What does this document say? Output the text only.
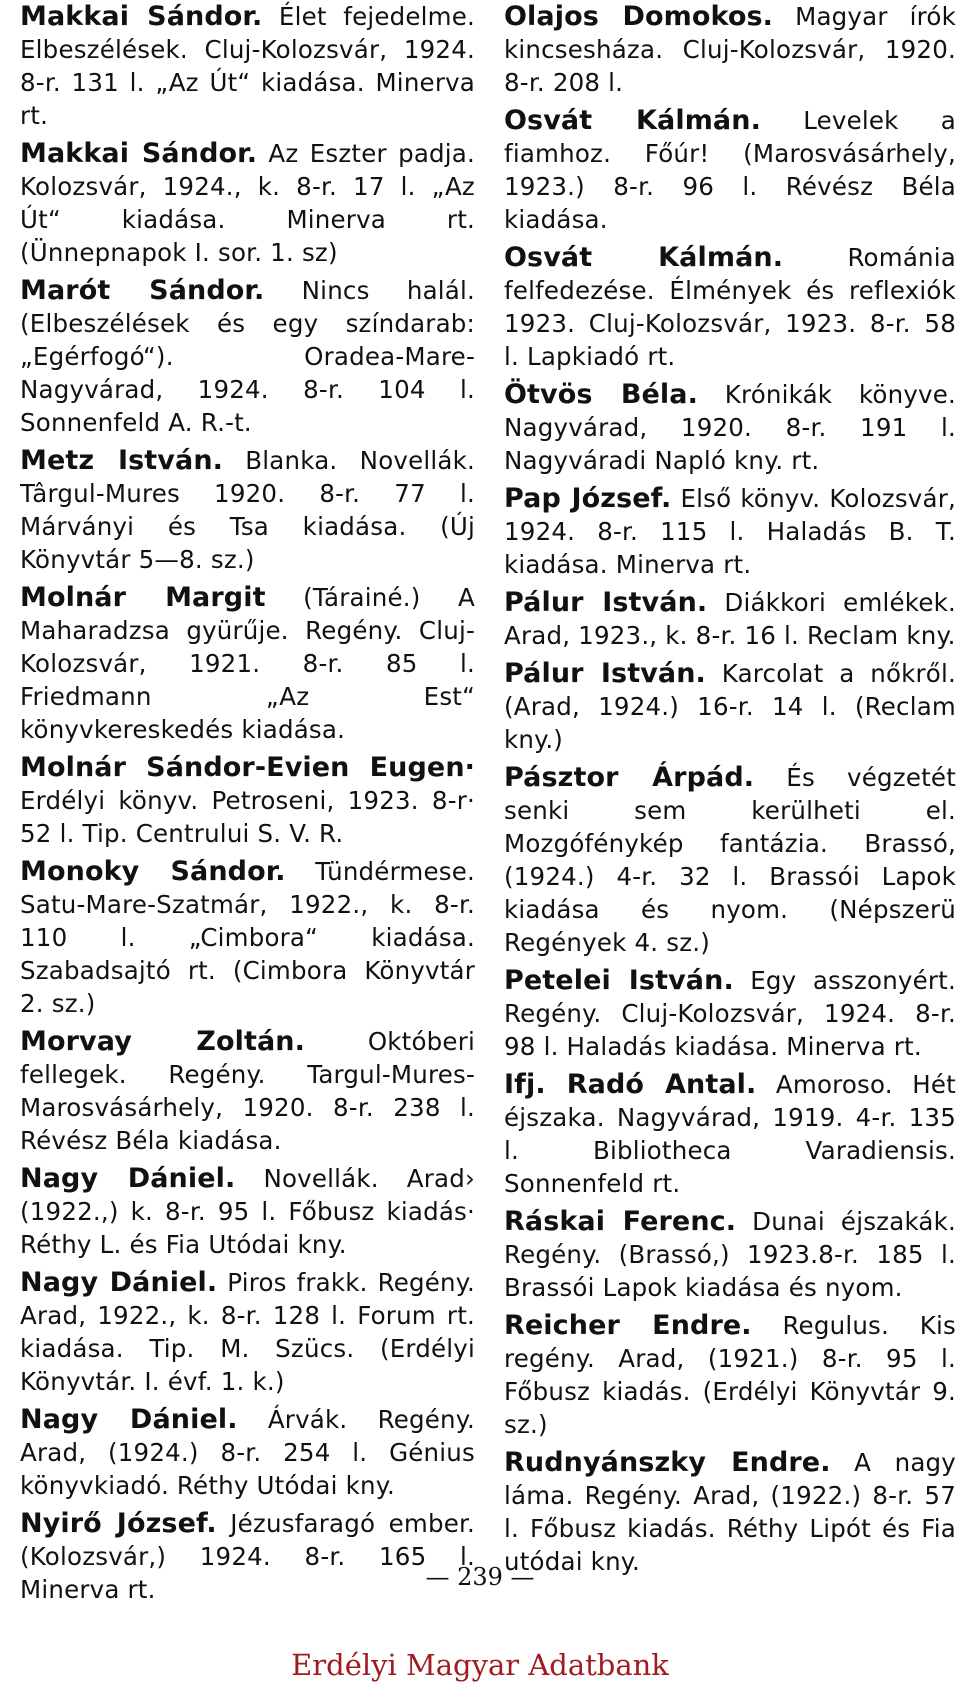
Makkai Sándor. Élet fejedelme. Elbeszélések. Cluj-Kolozsvár, 1924. 8-r. 131 l. „Az Út“ kiadása. Minerva rt.

Makkai Sándor. Az Eszter padja. Kolozsvár, 1924., k. 8-r. 17 l. „Az Út“ kiadása. Minerva rt. (Ünnepnapok I. sor. 1. sz)

Marót Sándor. Nincs halál. (Elbeszélések és egy színdarab: „Egérfogó“). Oradea-Mare-Nagyvárad, 1924. 8-r. 104 l. Sonnenfeld A. R.-t.

Metz István. Blanka. Novellák. Târgul-Mures 1920. 8-r. 77 l. Márványi és Tsa kiadása. (Új Könyvtár 5—8. sz.)

Molnár Margit (Tárainé.) A Maharadzsa gyürűje. Regény. Cluj-Kolozsvár, 1921. 8-r. 85 l. Friedmann „Az Est“ könyvkereskedés kiadása.

Molnár Sándor-Evien Eugen· Erdélyi könyv. Petroseni, 1923. 8-r· 52 l. Tip. Centrului S. V. R.

Monoky Sándor. Tündérmese. Satu-Mare-Szatmár, 1922., k. 8-r. 110 l. „Cimbora“ kiadása. Szabadsajtó rt. (Cimbora Könyvtár 2. sz.)

Morvay Zoltán.	Októberi fellegek. Regény. Targul-Mures-Marosvásárhely, 1920. 8-r. 238 l. Révész Béla kiadása.

Nagy Dániel. Novellák. Arad› (1922.,) k. 8-r. 95 l. Főbusz kiadás· Réthy L. és Fia Utódai kny.

Nagy Dániel. Piros frakk. Regény. Arad, 1922., k. 8-r. 128 l. Forum rt. kiadása. Tip. M. Szücs. (Erdélyi Könyvtár. I. évf. 1. k.)

Nagy Dániel. Árvák. Regény. Arad, (1924.) 8-r. 254 l. Génius könyvkiadó. Réthy Utódai kny.

Nyirő József. Jézusfaragó ember. (Kolozsvár,) 1924. 8-r. 165 l. Minerva rt.

Olajos Domokos. Magyar írók kincsesháza. Cluj-Kolozsvár, 1920. 8-r. 208 l.

Osvát Kálmán. Levelek a fiamhoz. Főúr! (Marosvásárhely, 1923.) 8-r. 96 l. Révész Béla kiadása.

Osvát Kálmán.	Románia felfedezése. Élmények és reflexiók 1923. Cluj-Kolozsvár, 1923. 8-r. 58 l. Lapkiadó rt.

Ötvös Béla. Krónikák könyve. Nagyvárad, 1920. 8-r. 191 l. Nagyváradi Napló kny. rt.

Pap József. Első könyv. Kolozsvár, 1924. 8-r. 115 l. Haladás B. T. kiadása. Minerva rt.

Pálur István. Diákkori emlékek. Arad, 1923., k. 8-r. 16 l. Reclam kny.

Pálur István. Karcolat a nőkről. (Arad, 1924.) 16-r. 14 l. (Reclam kny.)

Pásztor Árpád. És végzetét senki sem kerülheti el. Mozgófénykép fantázia. Brassó, (1924.) 4-r. 32 l. Brassói Lapok kiadása és nyom. (Népszerü Regények 4. sz.)

Petelei István. Egy asszonyért. Regény. Cluj-Kolozsvár, 1924. 8-r. 98 l. Haladás kiadása. Minerva rt.

Ifj. Radó Antal. Amoroso. Hét éjszaka. Nagyvárad, 1919. 4-r. 135 l. Bibliotheca Varadiensis. Sonnenfeld rt.

Ráskai Ferenc. Dunai éjszakák. Regény. (Brassó,) 1923.8-r. 185 l. Brassói Lapok kiadása és nyom.

Reicher Endre. Regulus. Kis regény. Arad, (1921.) 8-r. 95 l. Főbusz kiadás. (Erdélyi Könyvtár 9. sz.)

Rudnyánszky Endre. A nagy láma. Regény. Arad, (1922.) 8-r. 57 l. Főbusz kiadás. Réthy Lipót és Fia utódai kny.

— 239 —
Erdélyi Magyar Adatbank
